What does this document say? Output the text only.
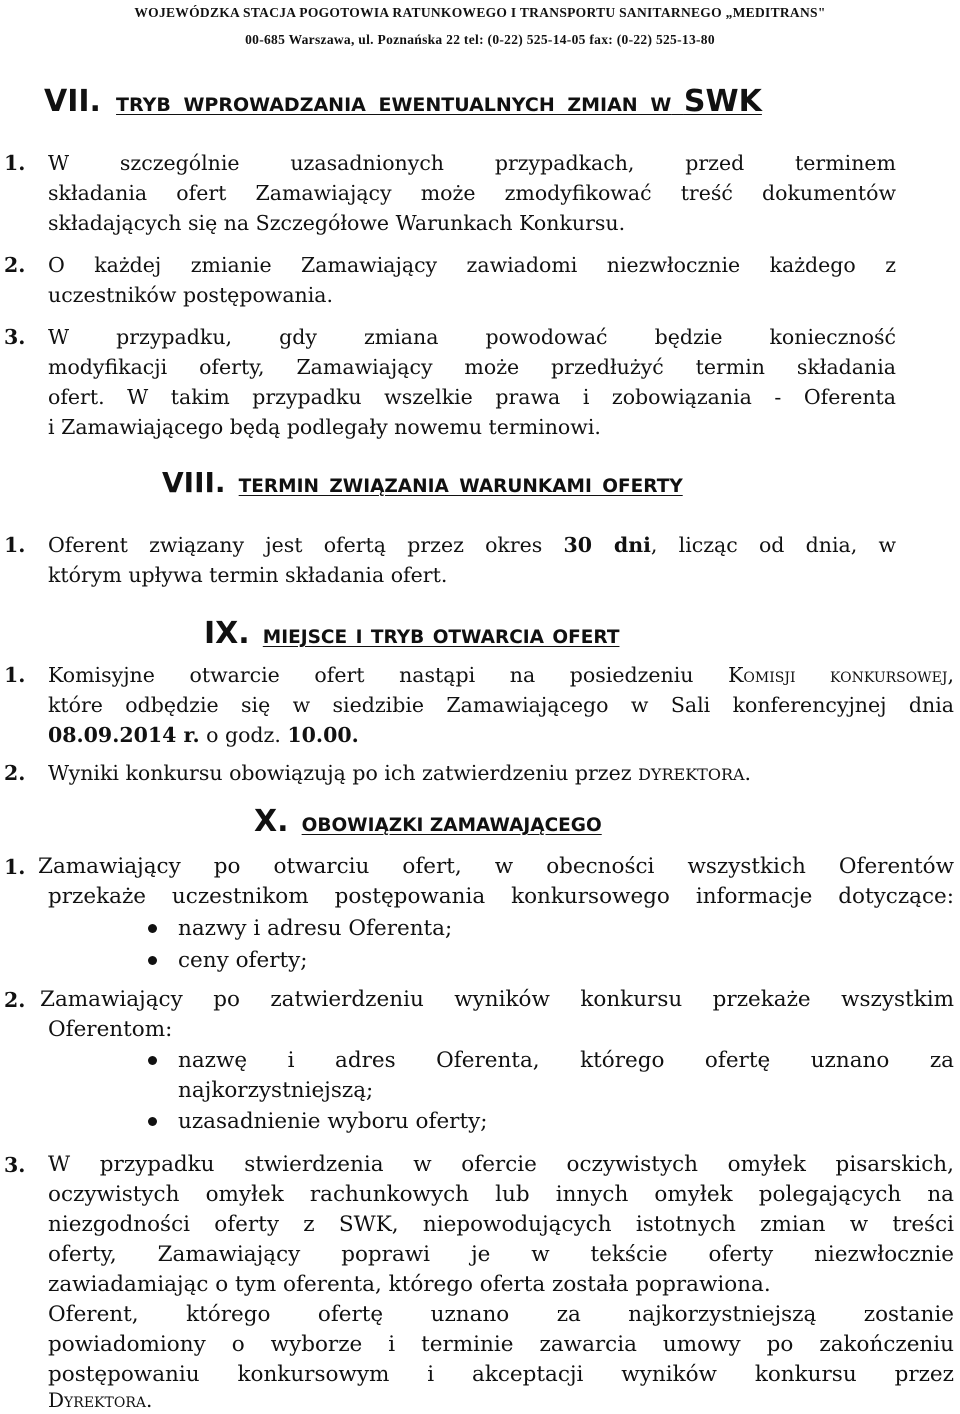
WOJEWÓDZKA STACJA POGOTOWIA RATUNKOWEGO I TRANSPORTU SANITARNEGO „MEDITRANS"
00-685 Warszawa, ul. Poznańska 22 tel: (0-22) 525-14-05 fax: (0-22) 525-13-80
VII. TRYB WPROWADZANIA EWENTUALNYCH ZMIAN W SWK
1. W szczególnie uzasadnionych przypadkach, przed terminem
składania ofert Zamawiający może zmodyfikować treść dokumentów
składających się na Szczegółowe Warunkach Konkursu.
2. O każdej zmianie Zamawiający zawiadomi niezwłocznie każdego z
uczestników postępowania.
3. W przypadku, gdy zmiana powodować będzie konieczność
modyfikacji oferty, Zamawiający może przedłużyć termin składania
ofert. W takim przypadku wszelkie prawa i zobowiązania - Oferenta
i Zamawiającego będą podlegały nowemu terminowi.
VIII. TERMIN ZWIĄZANIA WARUNKAMI OFERTY
1. Oferent związany jest ofertą przez okres 30 dni, licząc od dnia, w
którym upływa termin składania ofert.
IX. MIEJSCE I TRYB OTWARCIA OFERT
1. Komisyjne otwarcie ofert nastąpi na posiedzeniu Komisji konkursowej,
które odbędzie się w siedzibie Zamawiającego w Sali konferencyjnej dnia
08.09.2014 r. o godz. 10.00.
2. Wyniki konkursu obowiązują po ich zatwierdzeniu przez DYREKTORA.
X. OBOWIĄZKI ZAMAWAJĄCEGO
1. Zamawiający po otwarciu ofert, w obecności wszystkich Oferentów
przekaże uczestnikom postępowania konkursowego informacje dotyczące:
nazwy i adresu Oferenta;
ceny oferty;
2. Zamawiający po zatwierdzeniu wyników konkursu przekaże wszystkim
Oferentom:
nazwę i adres Oferenta, którego ofertę uznano za
najkorzystniejszą;
uzasadnienie wyboru oferty;
3. W przypadku stwierdzenia w ofercie oczywistych omyłek pisarskich,
oczywistych omyłek rachunkowych lub innych omyłek polegających na
niezgodności oferty z SWK, niepowodujących istotnych zmian w treści
oferty, Zamawiający poprawi je w tekście oferty niezwłocznie
zawiadamiając o tym oferenta, którego oferta została poprawiona.
Oferent, którego ofertę uznano za najkorzystniejszą zostanie
powiadomiony o wyborze i terminie zawarcia umowy po zakończeniu
postępowaniu konkursowym i akceptacji wyników konkursu przez
Dyrektora.
